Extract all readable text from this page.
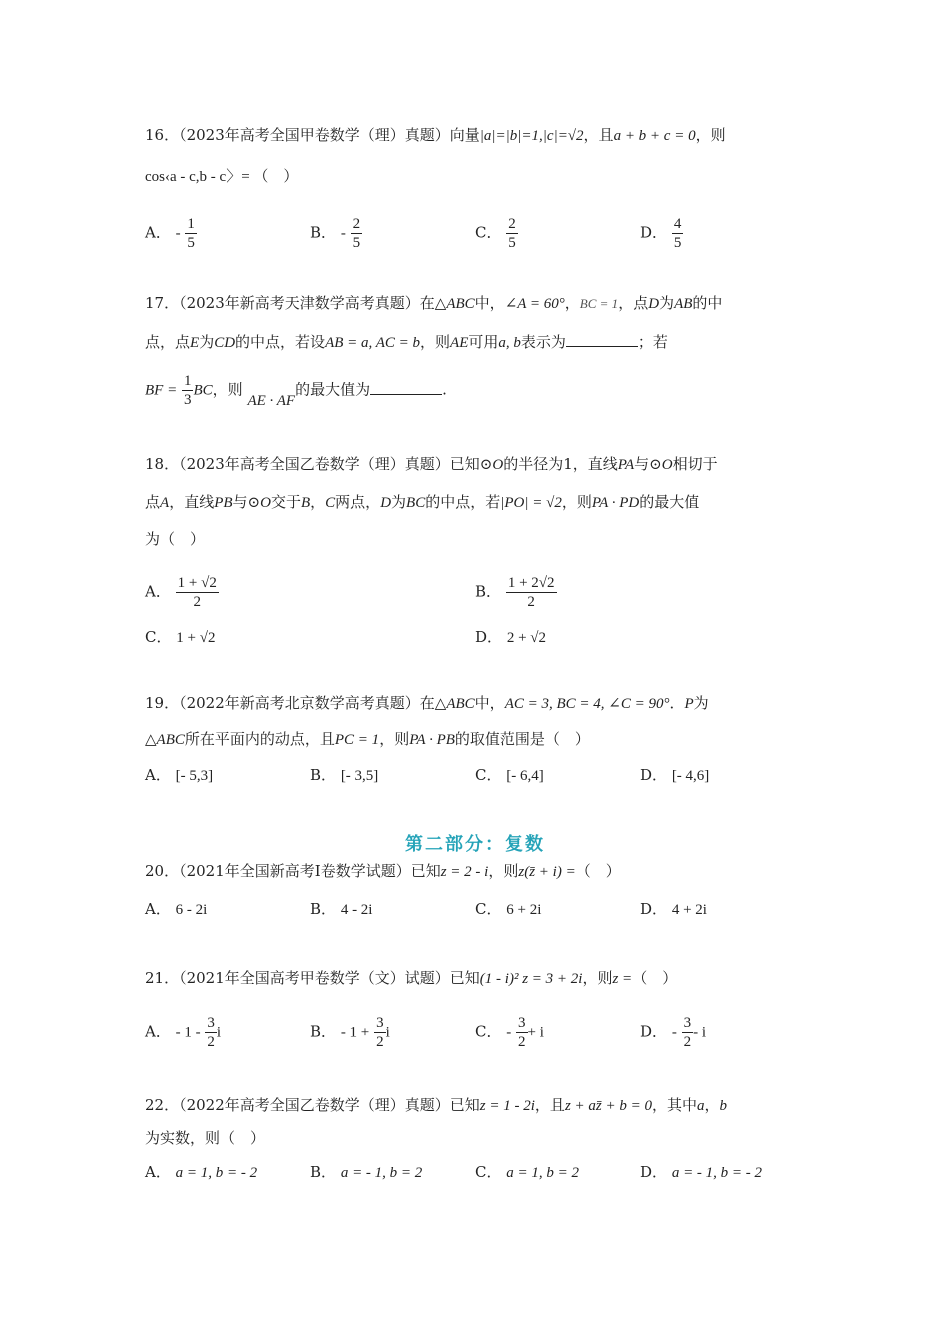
16．（2023年高考全国甲卷数学（理）真题）向量|a|=|b|=1,|c|=√2，且a + b + c = 0，则
cos‹a - c,b - c〉= （　）
A． - $\frac{1}{5}$	B． - $\frac{2}{5}$	C． $\frac{2}{5}$	D． $\frac{4}{5}$
17．（2023年新高考天津数学高考真题）在△ABC中，∠A = 60°，BC = 1，点D为AB的中
点，点E为CD的中点，若设AB = a, AC = b，则AE可用a, b表示为	；若
BF = $\frac{1}{3}$ BC，则 AE · AF的最大值为	.
18．（2023年高考全国乙卷数学（理）真题）已知⊙O的半径为1，直线PA与⊙O相切于
点A，直线PB与⊙O交于B，C两点，D为BC的中点，若|PO| = √2，则PA · PD的最大值
为（　）
A． $\frac{1 + √2}{2}$	B． $\frac{1 + 2√2}{2}$
C． 1 + √2	D． 2 + √2
19．（2022年新高考北京数学高考真题）在△ABC中，AC = 3, BC = 4, ∠C = 90°．P为
△ABC所在平面内的动点，且PC = 1，则PA · PB的取值范围是（　）
A． [- 5,3]	B． [- 3,5]	C． [- 6,4]	D． [- 4,6]
第二部分：复数
20．（2021年全国新高考Ⅰ卷数学试题）已知z = 2 - i，则z(z̄ + i) =（　）
A． 6 - 2i	B． 4 - 2i	C． 6 + 2i	D． 4 + 2i
21．（2021年全国高考甲卷数学（文）试题）已知(1 - i)² z = 3 + 2i，则z =（　）
A． - $1 - \frac{3}{2}$ i	B． - $1 + \frac{3}{2}$ i	C． - $\frac{3}{2} + i$	D． - $\frac{3}{2}$ - i
22．（2022年高考全国乙卷数学（理）真题）已知z = 1 - 2i，且z + az̄ + b = 0，其中a，b
为实数，则（　）
A． a = 1, b = - 2	B． a = - 1, b = 2	C． a = 1, b = 2	D． a = - 1, b = - 2
